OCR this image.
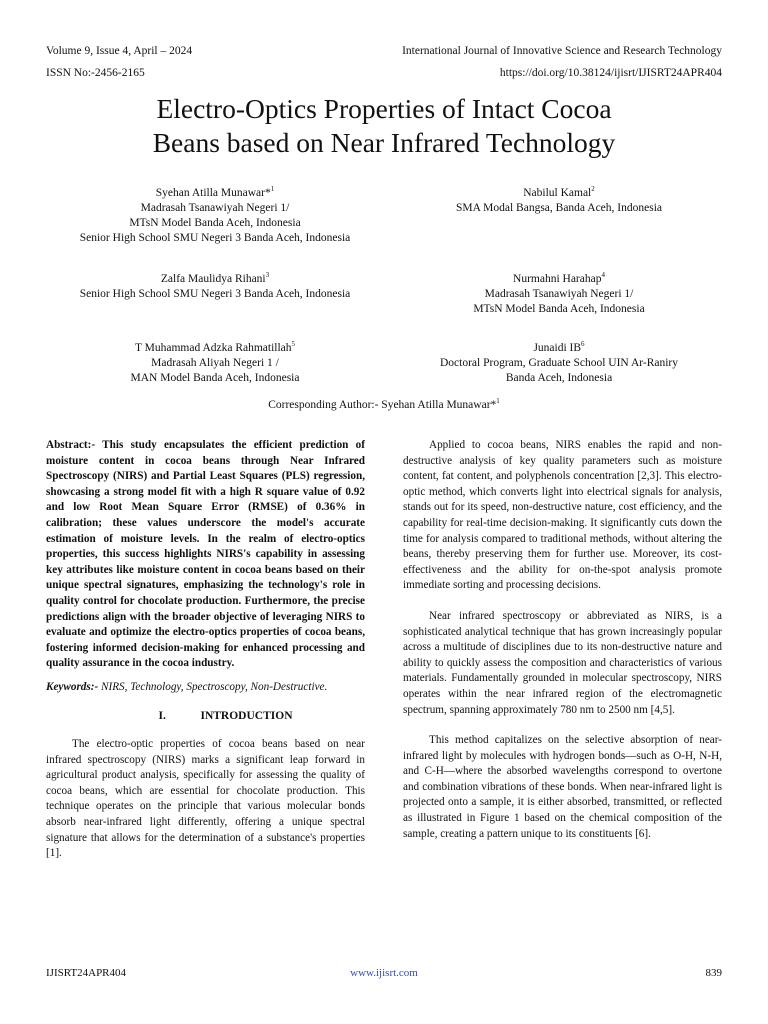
Volume 9, Issue 4, April – 2024	International Journal of Innovative Science and Research Technology
ISSN No:-2456-2165	https://doi.org/10.38124/ijisrt/IJISRT24APR404
Electro-Optics Properties of Intact Cocoa
Beans based on Near Infrared Technology
Syehan Atilla Munawar*$^1$
Madrasah Tsanawiyah Negeri 1/
MTsN Model Banda Aceh, Indonesia
Senior High School SMU Negeri 3 Banda Aceh, Indonesia
Nabilul Kamal$^2$
SMA Modal Bangsa, Banda Aceh, Indonesia
Zalfa Maulidya Rihani$^3$
Senior High School SMU Negeri 3 Banda Aceh, Indonesia
Nurmahni Harahap$^4$
Madrasah Tsanawiyah Negeri 1/
MTsN Model Banda Aceh, Indonesia
T Muhammad Adzka Rahmatillah$^5$
Madrasah Aliyah Negeri 1 /
MAN Model Banda Aceh, Indonesia
Junaidi $IB^6$
Doctoral Program, Graduate School UIN Ar-Raniry
Banda Aceh, Indonesia
Corresponding Author:- Syehan Atilla Munawar*$^1$

Abstract:- This study encapsulates the efficient prediction of moisture content in cocoa beans through Near Infrared Spectroscopy (NIRS) and Partial Least Squares (PLS) regression, showcasing a strong model fit with a high R square value of 0.92 and low Root Mean Square Error (RMSE) of 0.36% in calibration; these values underscore the model's accurate estimation of moisture levels. In the realm of electro-optics properties, this success highlights NIRS's capability in assessing key attributes like moisture content in cocoa beans based on their unique spectral signatures, emphasizing the technology's role in quality control for chocolate production. Furthermore, the precise predictions align with the broader objective of leveraging NIRS to evaluate and optimize the electro-optics properties of cocoa beans, fostering informed decision-making for enhanced processing and quality assurance in the cocoa industry.

Keywords:- NIRS, Technology, Spectroscopy, Non-Destructive.

I.	INTRODUCTION

The electro-optic properties of cocoa beans based on near infrared spectroscopy (NIRS) marks a significant leap forward in agricultural product analysis, specifically for assessing the quality of cocoa beans, which are essential for chocolate production. This technique operates on the principle that various molecular bonds absorb near-infrared light differently, offering a unique spectral signature that allows for the determination of a substance's properties [1].

Applied to cocoa beans, NIRS enables the rapid and non-destructive analysis of key quality parameters such as moisture content, fat content, and polyphenols concentration [2,3]. This electro-optic method, which converts light into electrical signals for analysis, stands out for its speed, non-destructive nature, cost efficiency, and the capability for real-time decision-making. It significantly cuts down the time for analysis compared to traditional methods, without altering the beans, thereby preserving them for further use. Moreover, its cost-effectiveness and the ability for on-the-spot analysis promote immediate sorting and processing decisions.

Near infrared spectroscopy or abbreviated as NIRS, is a sophisticated analytical technique that has grown increasingly popular across a multitude of disciplines due to its non-destructive nature and ability to quickly assess the composition and characteristics of various materials. Fundamentally grounded in molecular spectroscopy, NIRS operates within the near infrared region of the electromagnetic spectrum, spanning approximately 780 nm to 2500 nm [4,5].

This method capitalizes on the selective absorption of near-infrared light by molecules with hydrogen bonds—such as O-H, N-H, and C-H—where the absorbed wavelengths correspond to overtone and combination vibrations of these bonds. When near-infrared light is projected onto a sample, it is either absorbed, transmitted, or reflected as illustrated in Figure 1 based on the chemical composition of the sample, creating a pattern unique to its constituents [6].

IJISRT24APR404	www.ijisrt.com	839
